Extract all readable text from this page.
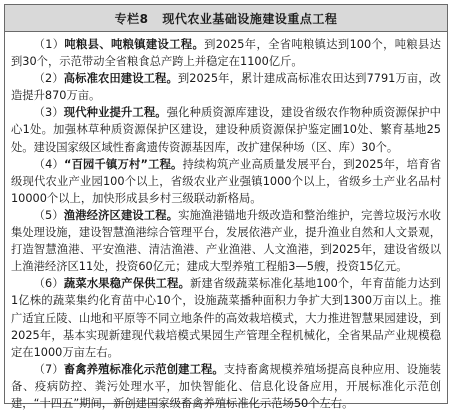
专栏8 现代农业基础设施建设重点工程

（1）吨粮县、吨粮镇建设工程。到2025年，全省吨粮镇达到100个，吨粮县达到30个，示范带动全省粮食总产跨上并稳定在1100亿斤。

（2）高标准农田建设工程。到2025年，累计建成高标准农田达到7791万亩，改造提升870万亩。

（3）现代种业提升工程。强化种质资源库建设，建设省级农作物种质资源保护中心1处。加强林草种质资源保护区建设，建设种质资源保护鉴定圃10处、繁育基地25处。建设国家级区域性畜禽遗传资源基因库，改扩建保种场（区、库）30个。

（4）“百园千镇万村”工程。持续构筑产业高质量发展平台，到2025年，培育省级现代农业产业园100个以上，省级农业产业强镇1000个以上，省级乡土产业名品村10000个以上，加快形成县乡村三级联动新格局。

（5）渔港经济区建设工程。实施渔港锚地升级改造和整治维护，完善垃圾污水收集处理设施，建设智慧渔港综合管理平台，发展依港产业，提升渔业自然和人文景观，打造智慧渔港、平安渔港、清洁渔港、产业渔港、人文渔港，到2025年，建设省级以上渔港经济区11处，投资60亿元；建成大型养殖工程船3—5艘，投资15亿元。

（6）蔬菜水果稳产保供工程。新建省级蔬菜标准化基地100个，年育苗能力达到1亿株的蔬菜集约化育苗中心10个，设施蔬菜播种面积力争扩大到1300万亩以上。推广适宜丘陵、山地和平原等不同立地条件的高效栽培模式，大力推进智慧果园建设，到2025年，基本实现新建现代栽培模式果园生产管理全程机械化，全省果品产业规模稳定在1000万亩左右。

（7）畜禽养殖标准化示范创建工程。支持畜禽规模养殖场提高良种应用、设施装备、疫病防控、粪污处理水平，加快智能化、信息化设备应用，开展标准化示范创建，“十四五”期间，新创建国家级畜禽养殖标准化示范场50个左右。
